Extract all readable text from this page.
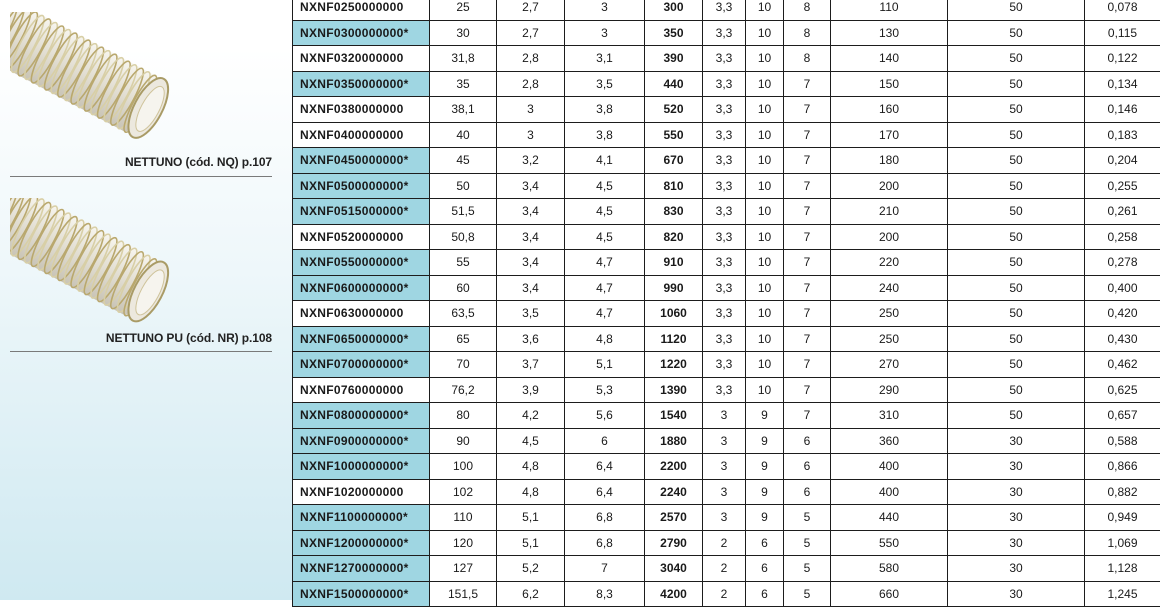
NETTUNO (cód. NQ) p.107
NETTUNO PU (cód. NR) p.108
NXNF0250000000	25	2,7	3	300	3,3	10	8	110	50	0,078
NXNF0300000000*	30	2,7	3	350	3,3	10	8	130	50	0,115
NXNF0320000000	31,8	2,8	3,1	390	3,3	10	8	140	50	0,122
NXNF0350000000*	35	2,8	3,5	440	3,3	10	7	150	50	0,134
NXNF0380000000	38,1	3	3,8	520	3,3	10	7	160	50	0,146
NXNF0400000000	40	3	3,8	550	3,3	10	7	170	50	0,183
NXNF0450000000*	45	3,2	4,1	670	3,3	10	7	180	50	0,204
NXNF0500000000*	50	3,4	4,5	810	3,3	10	7	200	50	0,255
NXNF0515000000*	51,5	3,4	4,5	830	3,3	10	7	210	50	0,261
NXNF0520000000	50,8	3,4	4,5	820	3,3	10	7	200	50	0,258
NXNF0550000000*	55	3,4	4,7	910	3,3	10	7	220	50	0,278
NXNF0600000000*	60	3,4	4,7	990	3,3	10	7	240	50	0,400
NXNF0630000000	63,5	3,5	4,7	1060	3,3	10	7	250	50	0,420
NXNF0650000000*	65	3,6	4,8	1120	3,3	10	7	250	50	0,430
NXNF0700000000*	70	3,7	5,1	1220	3,3	10	7	270	50	0,462
NXNF0760000000	76,2	3,9	5,3	1390	3,3	10	7	290	50	0,625
NXNF0800000000*	80	4,2	5,6	1540	3	9	7	310	50	0,657
NXNF0900000000*	90	4,5	6	1880	3	9	6	360	30	0,588
NXNF1000000000*	100	4,8	6,4	2200	3	9	6	400	30	0,866
NXNF1020000000	102	4,8	6,4	2240	3	9	6	400	30	0,882
NXNF1100000000*	110	5,1	6,8	2570	3	9	5	440	30	0,949
NXNF1200000000*	120	5,1	6,8	2790	2	6	5	550	30	1,069
NXNF1270000000*	127	5,2	7	3040	2	6	5	580	30	1,128
NXNF1500000000*	151,5	6,2	8,3	4200	2	6	5	660	30	1,245
